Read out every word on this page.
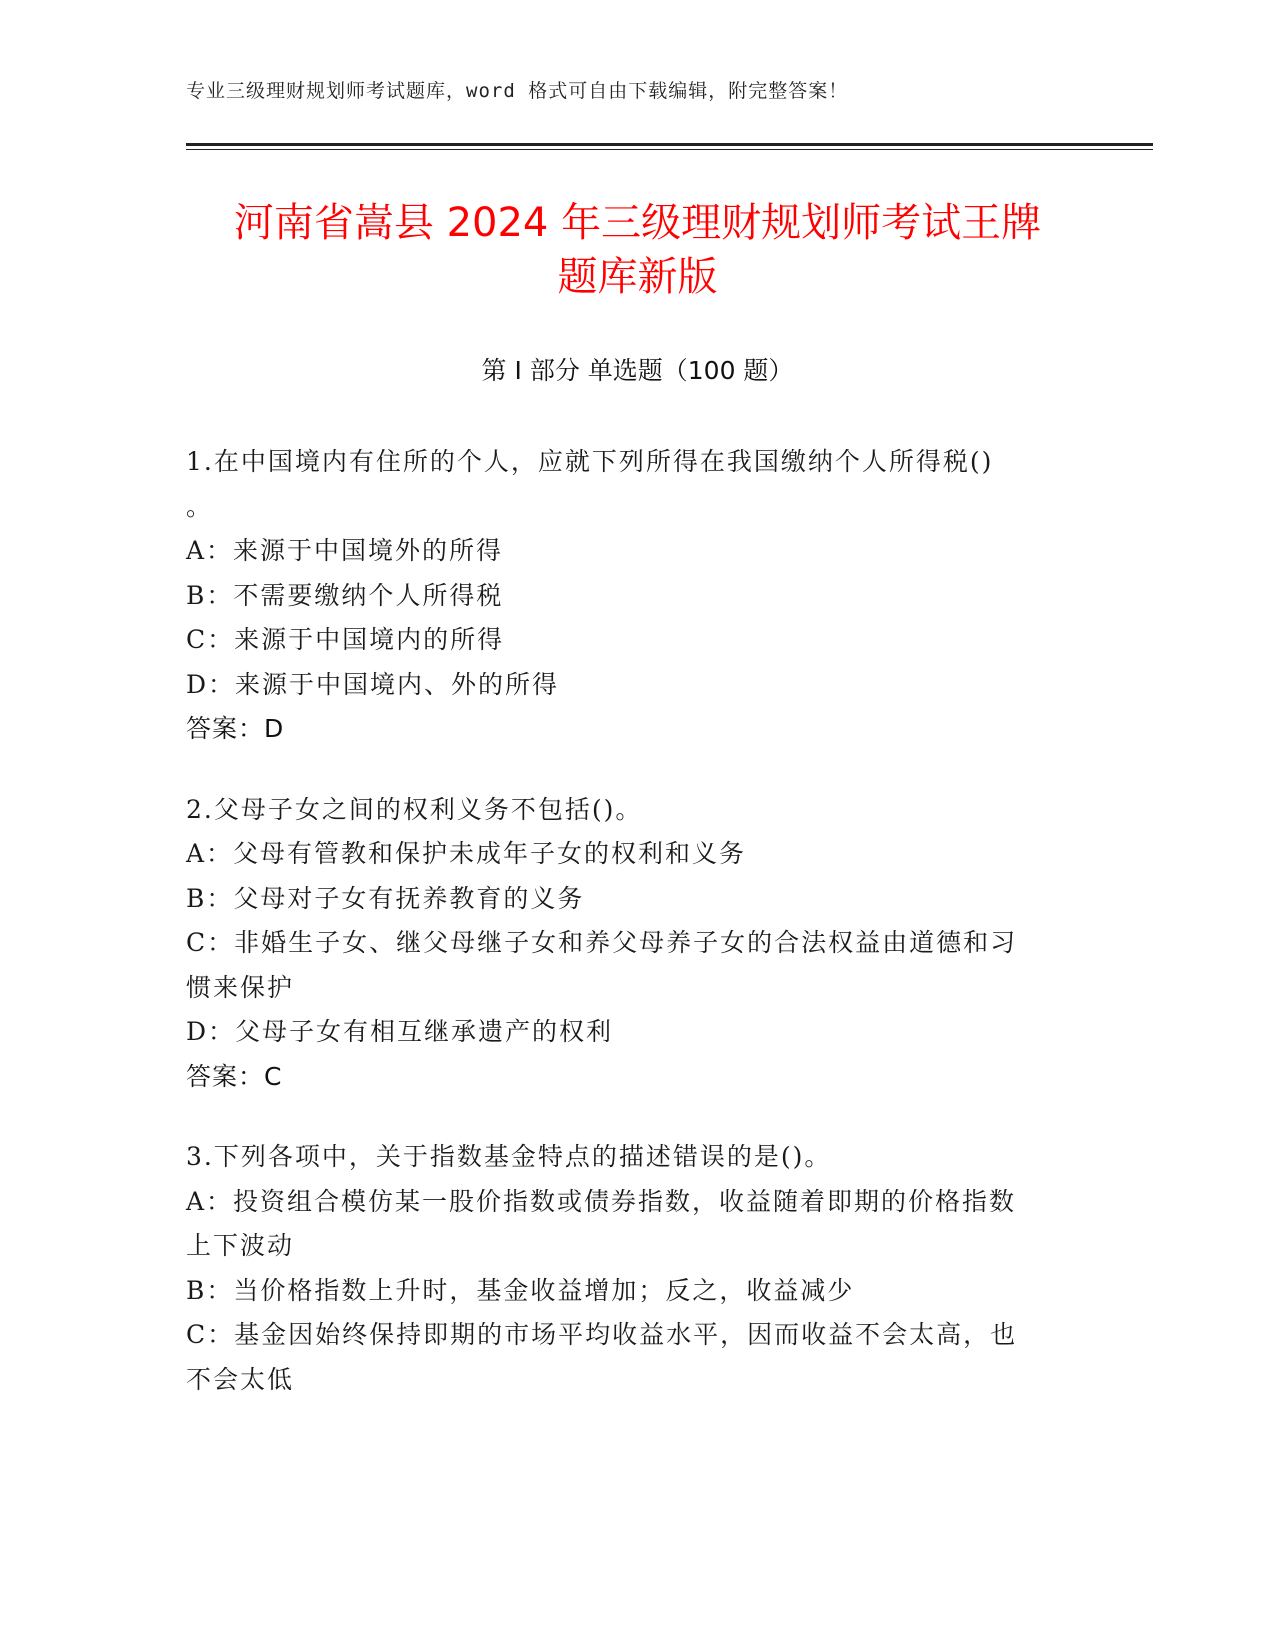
专业三级理财规划师考试题库，word 格式可自由下载编辑，附完整答案！
河南省嵩县 2024 年三级理财规划师考试王牌
题库新版
第 I 部分 单选题（100 题）
1.在中国境内有住所的个人，应就下列所得在我国缴纳个人所得税()
。
A：来源于中国境外的所得
B：不需要缴纳个人所得税
C：来源于中国境内的所得
D：来源于中国境内、外的所得
答案：D
2.父母子女之间的权利义务不包括()。
A：父母有管教和保护未成年子女的权利和义务
B：父母对子女有抚养教育的义务
C：非婚生子女、继父母继子女和养父母养子女的合法权益由道德和习
惯来保护
D：父母子女有相互继承遗产的权利
答案：C
3.下列各项中，关于指数基金特点的描述错误的是()。
A：投资组合模仿某一股价指数或债券指数，收益随着即期的价格指数
上下波动
B：当价格指数上升时，基金收益增加；反之，收益减少
C：基金因始终保持即期的市场平均收益水平，因而收益不会太高，也
不会太低
